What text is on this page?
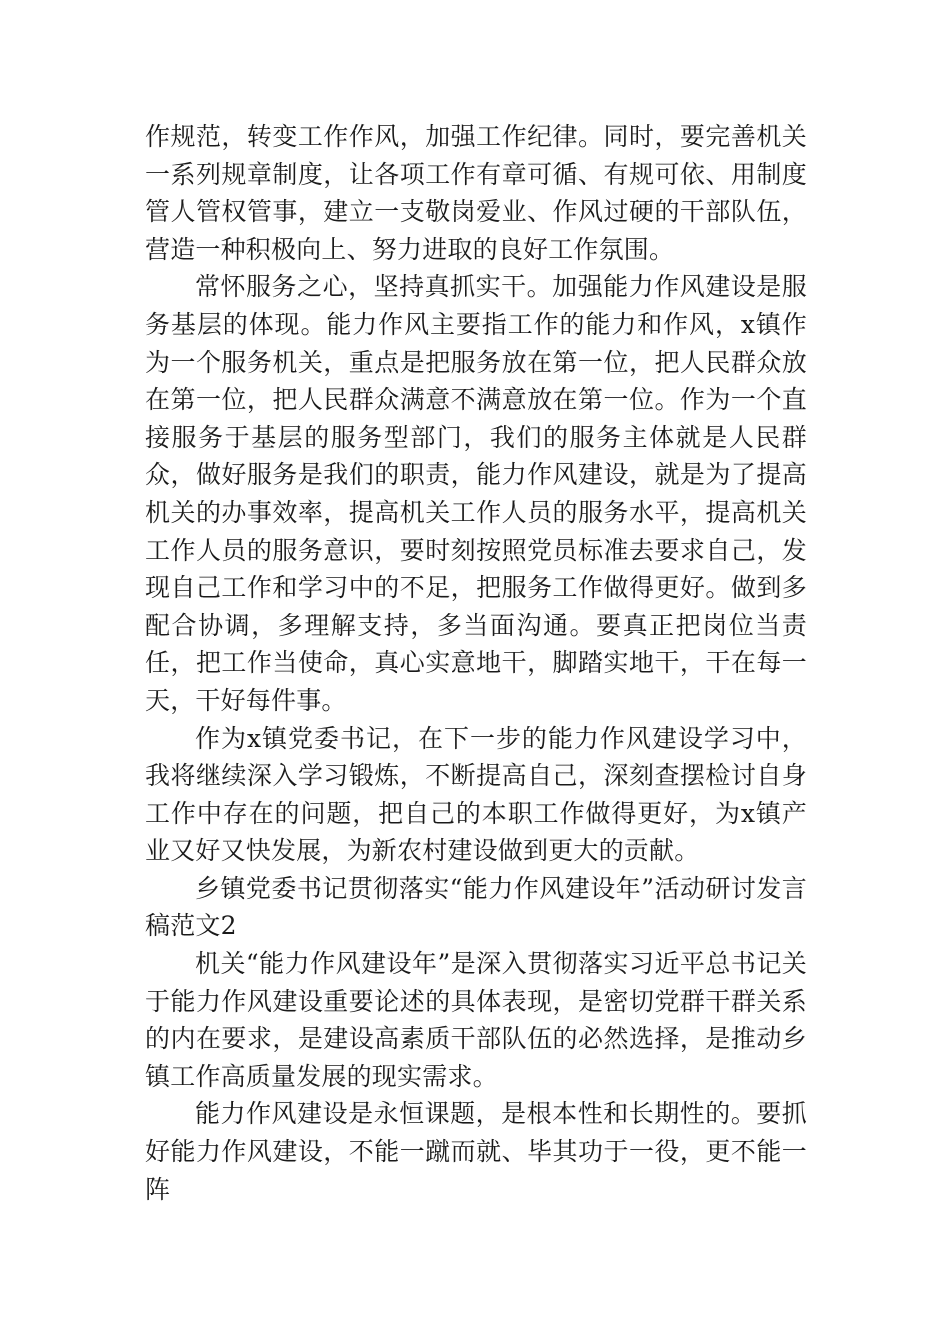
作规范，转变工作作风，加强工作纪律。同时，要完善机关一系列规章制度，让各项工作有章可循、有规可依、用制度管人管权管事，建立一支敬岗爱业、作风过硬的干部队伍，营造一种积极向上、努力进取的良好工作氛围。

常怀服务之心，坚持真抓实干。加强能力作风建设是服务基层的体现。能力作风主要指工作的能力和作风，x镇作为一个服务机关，重点是把服务放在第一位，把人民群众放在第一位，把人民群众满意不满意放在第一位。作为一个直接服务于基层的服务型部门，我们的服务主体就是人民群众，做好服务是我们的职责，能力作风建设，就是为了提高机关的办事效率，提高机关工作人员的服务水平，提高机关工作人员的服务意识，要时刻按照党员标准去要求自己，发现自己工作和学习中的不足，把服务工作做得更好。做到多配合协调，多理解支持，多当面沟通。要真正把岗位当责任，把工作当使命，真心实意地干，脚踏实地干，干在每一天，干好每件事。

作为x镇党委书记，在下一步的能力作风建设学习中，我将继续深入学习锻炼，不断提高自己，深刻查摆检讨自身工作中存在的问题，把自己的本职工作做得更好，为x镇产业又好又快发展，为新农村建设做到更大的贡献。

乡镇党委书记贯彻落实“能力作风建设年”活动研讨发言稿范文2

机关“能力作风建设年”是深入贯彻落实习近平总书记关于能力作风建设重要论述的具体表现，是密切党群干群关系的内在要求，是建设高素质干部队伍的必然选择，是推动乡镇工作高质量发展的现实需求。

能力作风建设是永恒课题，是根本性和长期性的。要抓好能力作风建设，不能一蹴而就、毕其功于一役，更不能一阵
